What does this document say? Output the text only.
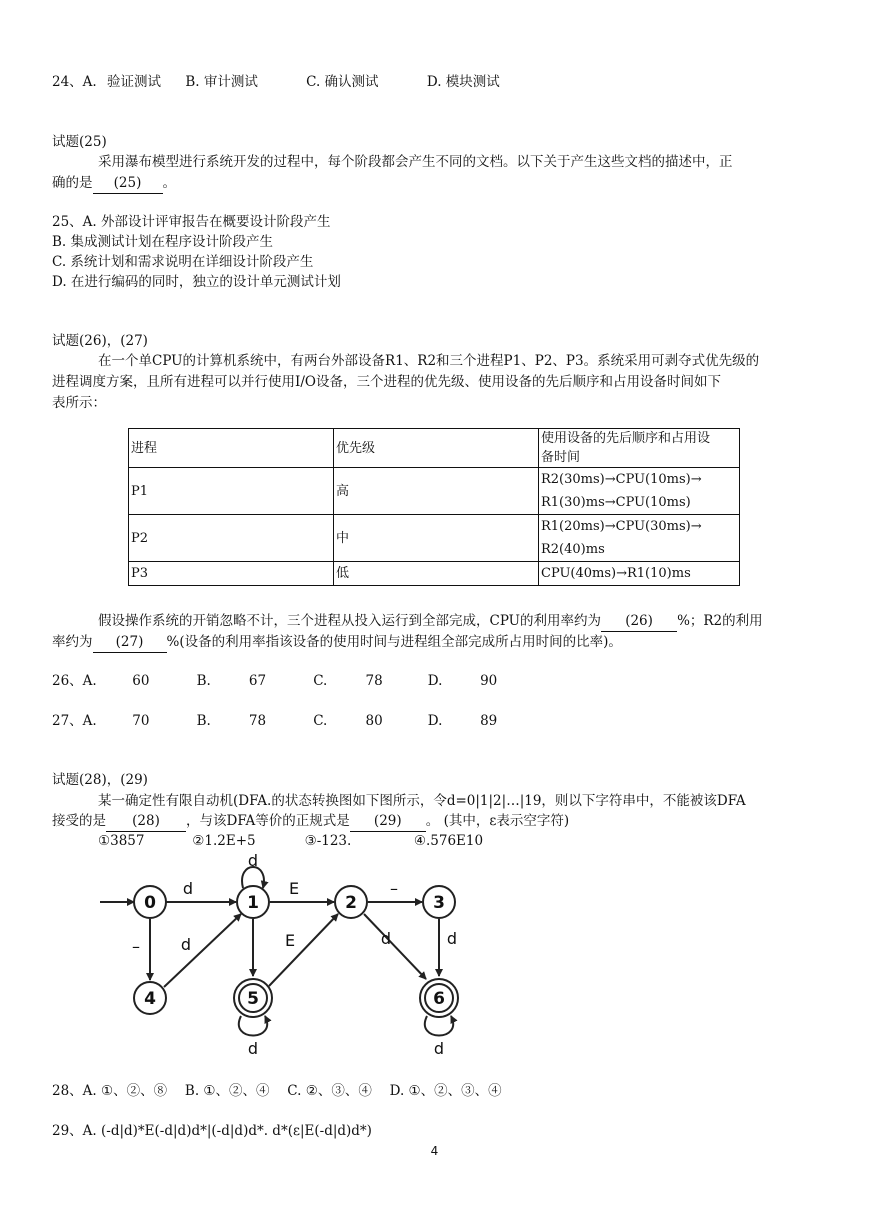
24、A. 验证测试 B. 审计测试	C. 确认测试	D. 模块测试
试题(25)
采用瀑布模型进行系统开发的过程中，每个阶段都会产生不同的文档。以下关于产生这些文档的描述中，正
确的是 (25) 。
25、A. 外部设计评审报告在概要设计阶段产生
B. 集成测试计划在程序设计阶段产生
C. 系统计划和需求说明在详细设计阶段产生
D. 在进行编码的同时，独立的设计单元测试计划
试题(26)，(27)
在一个单CPU的计算机系统中，有两台外部设备R1、R2和三个进程P1、P2、P3。系统采用可剥夺式优先级的
进程调度方案，且所有进程可以并行使用I/O设备，三个进程的优先级、使用设备的先后顺序和占用设备时间如下
表所示：
进程	优先级	使用设备的先后顺序和占用设
备时间

P1	高	R2(30ms)→CPU(10ms)→
R1(30)ms→CPU(10ms)

P2	中	R1(20ms)→CPU(30ms)→
R2(40)ms

P3	低	CPU(40ms)→R1(10)ms
假设操作系统的开销忽略不计，三个进程从投入运行到全部完成，CPU的利用率约为 (26) %；R2的利用
率约为 (27) %(设备的利用率指该设备的使用时间与进程组全部完成所占用时间的比率)。
26、A.	60	B.	67	C.	78	D.	90
27、A.	70	B.	78	C.	80	D.	89
试题(28)，(29)
某一确定性有限自动机(DFA.的状态转换图如下图所示，令d=0|1|2|…|19，则以下字符串中，不能被该DFA
接受的是 (28) ，与该DFA等价的正规式是 (29) 。 (其中，ε表示空字符)
①3857	②1.2E+5	③-123.	④.576E10
0	1	2	3
4	5	6
d
d
E	–
–	d	E	d	d
d	d
28、A. ①、②、⑧　 B. ①、②、④　 C. ②、③、④　 D. ①、②、③、④
29、A. (-d|d)*E(-d|d)d*|(-d|d)d*. d*(ε|E(-d|d)d*)
4
